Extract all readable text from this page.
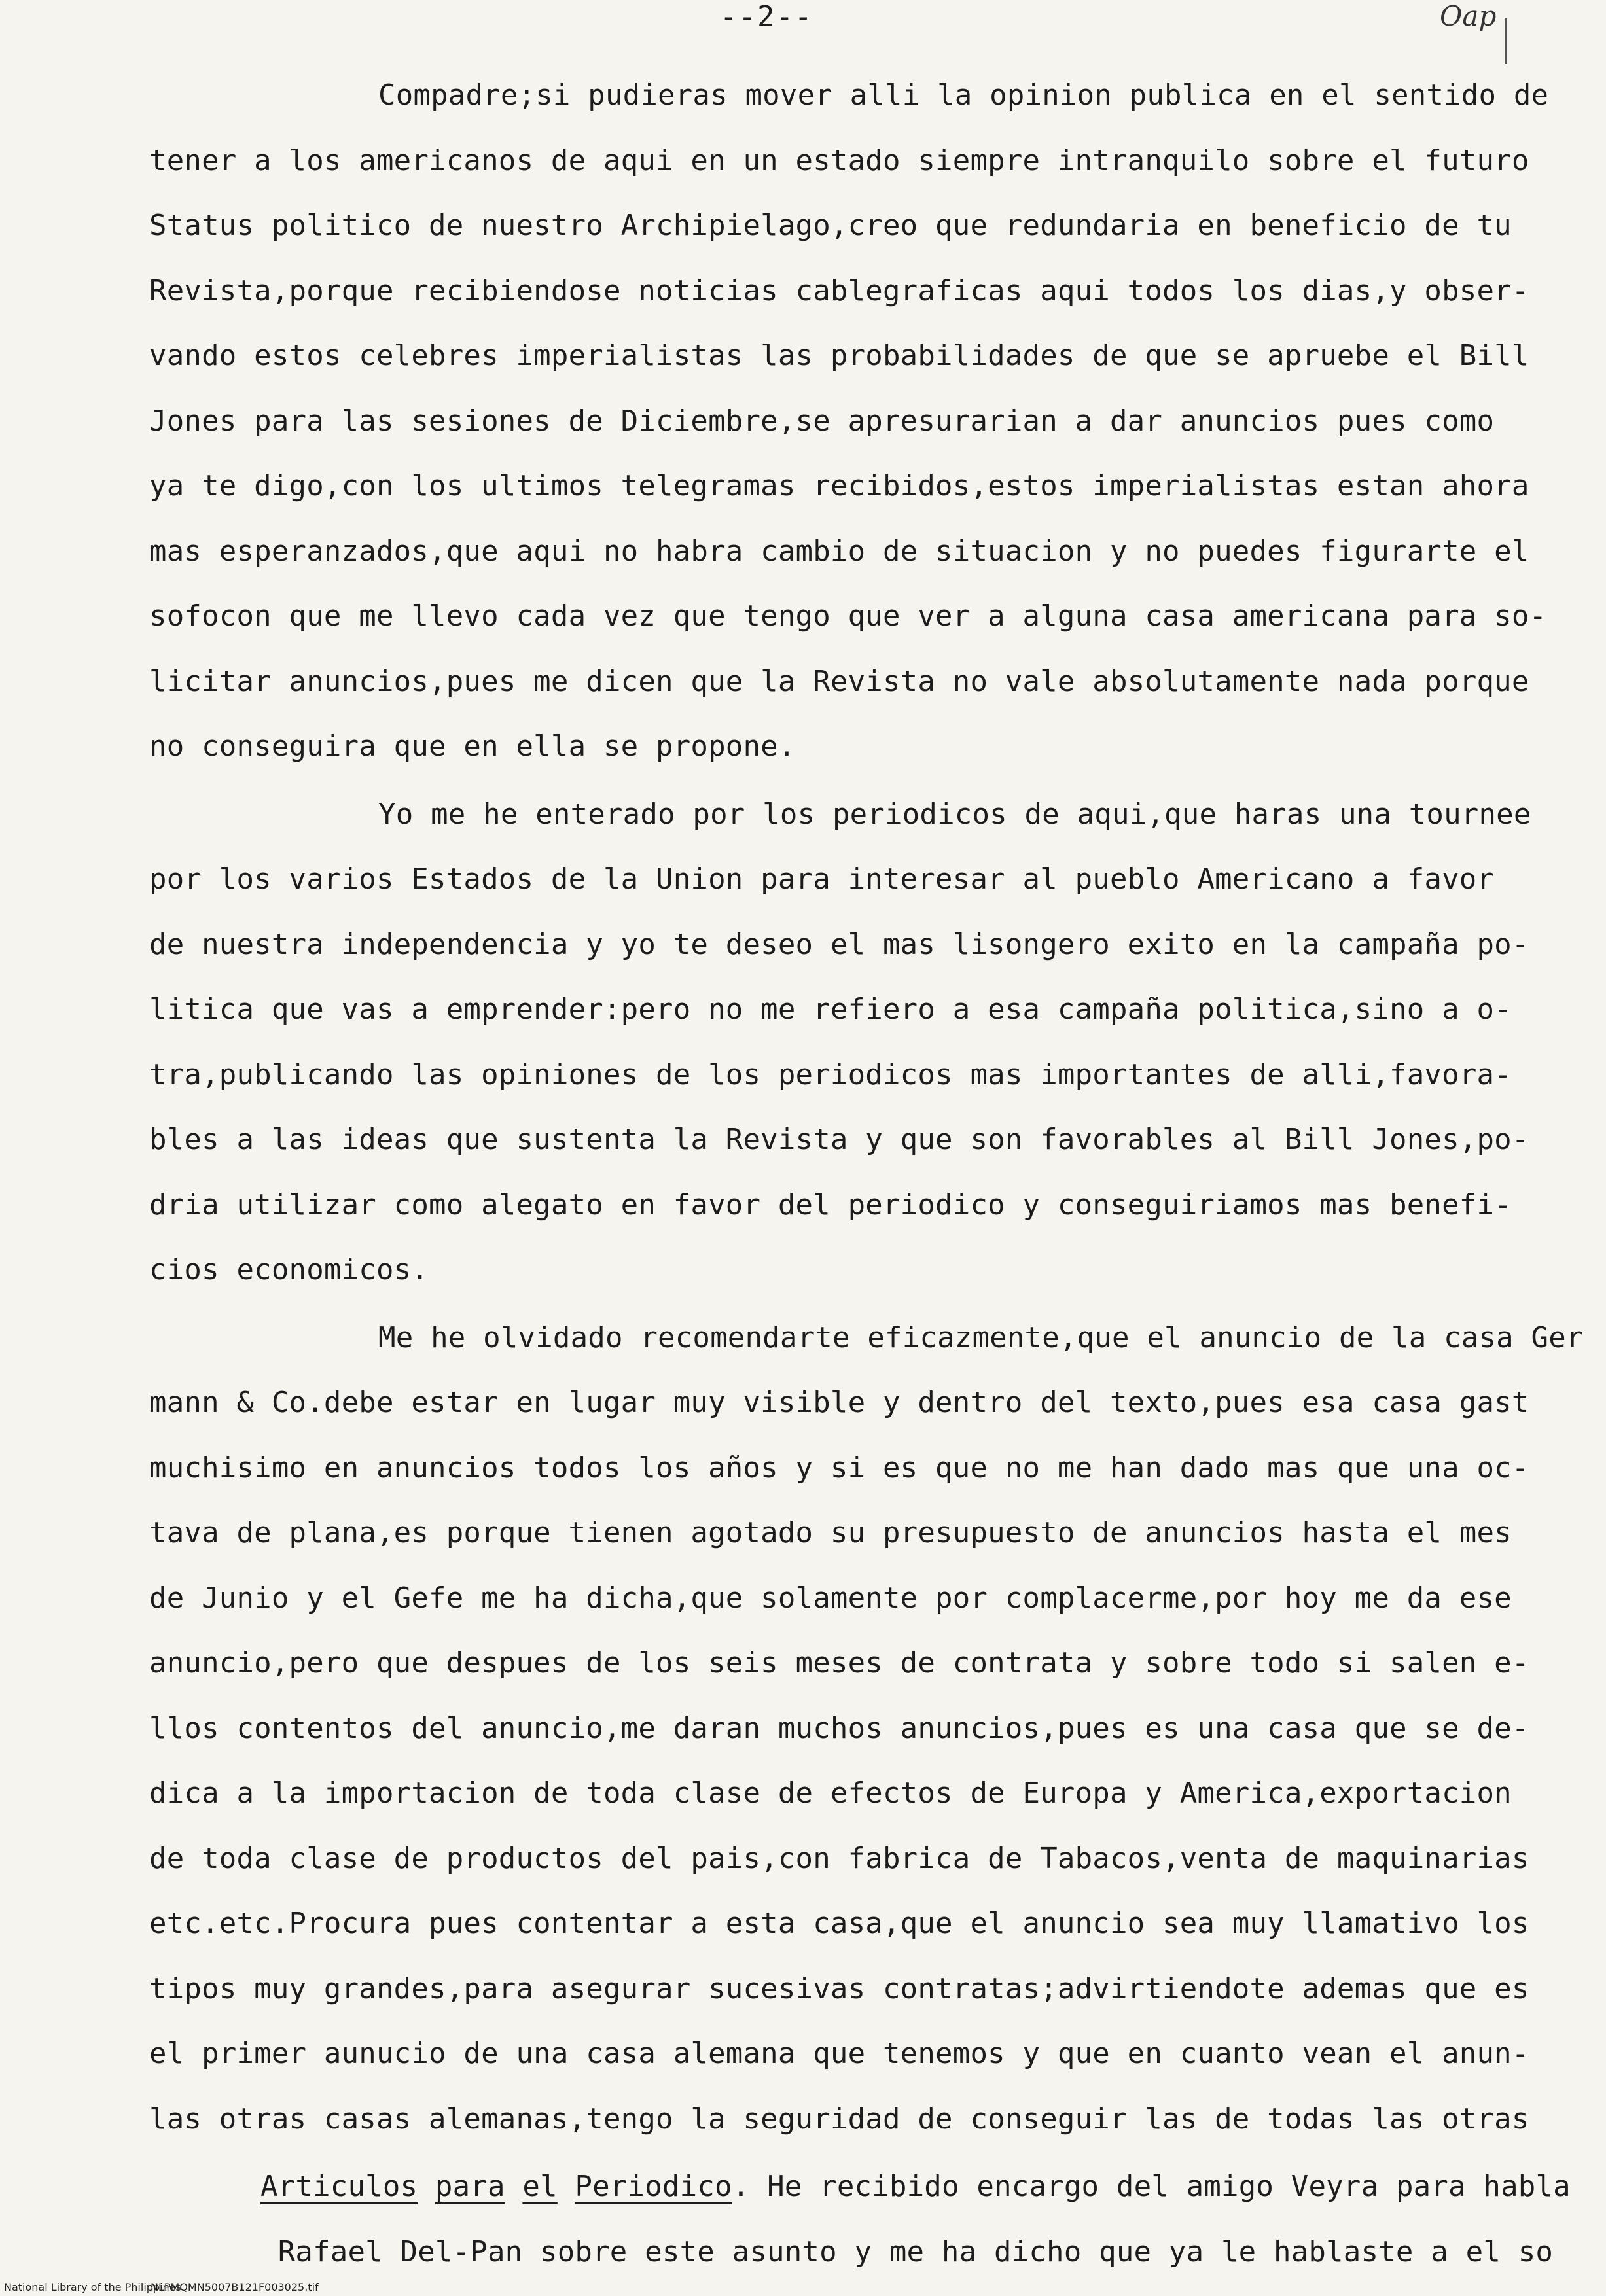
--2--	Oap

Compadre;si pudieras mover alli la opinion publica en el sentido de

tener a los americanos de aqui en un estado siempre intranquilo sobre el futuro

Status politico de nuestro Archipielago,creo que redundaria en beneficio de tu

Revista,porque recibiendose noticias cablegraficas aqui todos los dias,y obser-

vando estos celebres imperialistas las probabilidades de que se apruebe el Bill

Jones para las sesiones de Diciembre,se apresurarian a dar anuncios pues como

ya te digo,con los ultimos telegramas recibidos,estos imperialistas estan ahora

mas esperanzados,que aqui no habra cambio de situacion y no puedes figurarte el

sofocon que me llevo cada vez que tengo que ver a alguna casa americana para so-

licitar anuncios,pues me dicen que la Revista no vale absolutamente nada porque

no conseguira que en ella se propone.

Yo me he enterado por los periodicos de aqui,que haras una tournee

por los varios Estados de la Union para interesar al pueblo Americano a favor

de nuestra independencia y yo te deseo el mas lisongero exito en la campaña po-

litica que vas a emprender:pero no me refiero a esa campaña politica,sino a o-

tra,publicando las opiniones de los periodicos mas importantes de alli,favora-

bles a las ideas que sustenta la Revista y que son favorables al Bill Jones,po-

dria utilizar como alegato en favor del periodico y conseguiriamos mas benefi-

cios economicos.

Me he olvidado recomendarte eficazmente,que el anuncio de la casa Ger

mann & Co.debe estar en lugar muy visible y dentro del texto,pues esa casa gast

muchisimo en anuncios todos los años y si es que no me han dado mas que una oc-

tava de plana,es porque tienen agotado su presupuesto de anuncios hasta el mes

de Junio y el Gefe me ha dicha,que solamente por complacerme,por hoy me da ese

anuncio,pero que despues de los seis meses de contrata y sobre todo si salen e-

llos contentos del anuncio,me daran muchos anuncios,pues es una casa que se de-

dica a la importacion de toda clase de efectos de Europa y America,exportacion

de toda clase de productos del pais,con fabrica de Tabacos,venta de maquinarias

etc.etc.Procura pues contentar a esta casa,que el anuncio sea muy llamativo los

tipos muy grandes,para asegurar sucesivas contratas;advirtiendote ademas que es

el primer aunucio de una casa alemana que tenemos y que en cuanto vean el anun-

las otras casas alemanas,tengo la seguridad de conseguir las de todas las otras

Articulos para el Periodico. He recibido encargo del amigo Veyra para habla

Rafael Del-Pan sobre este asunto y me ha dicho que ya le hablaste a el so

National Library of the Philippines
NLPMQMN5007B121F003025.tif
